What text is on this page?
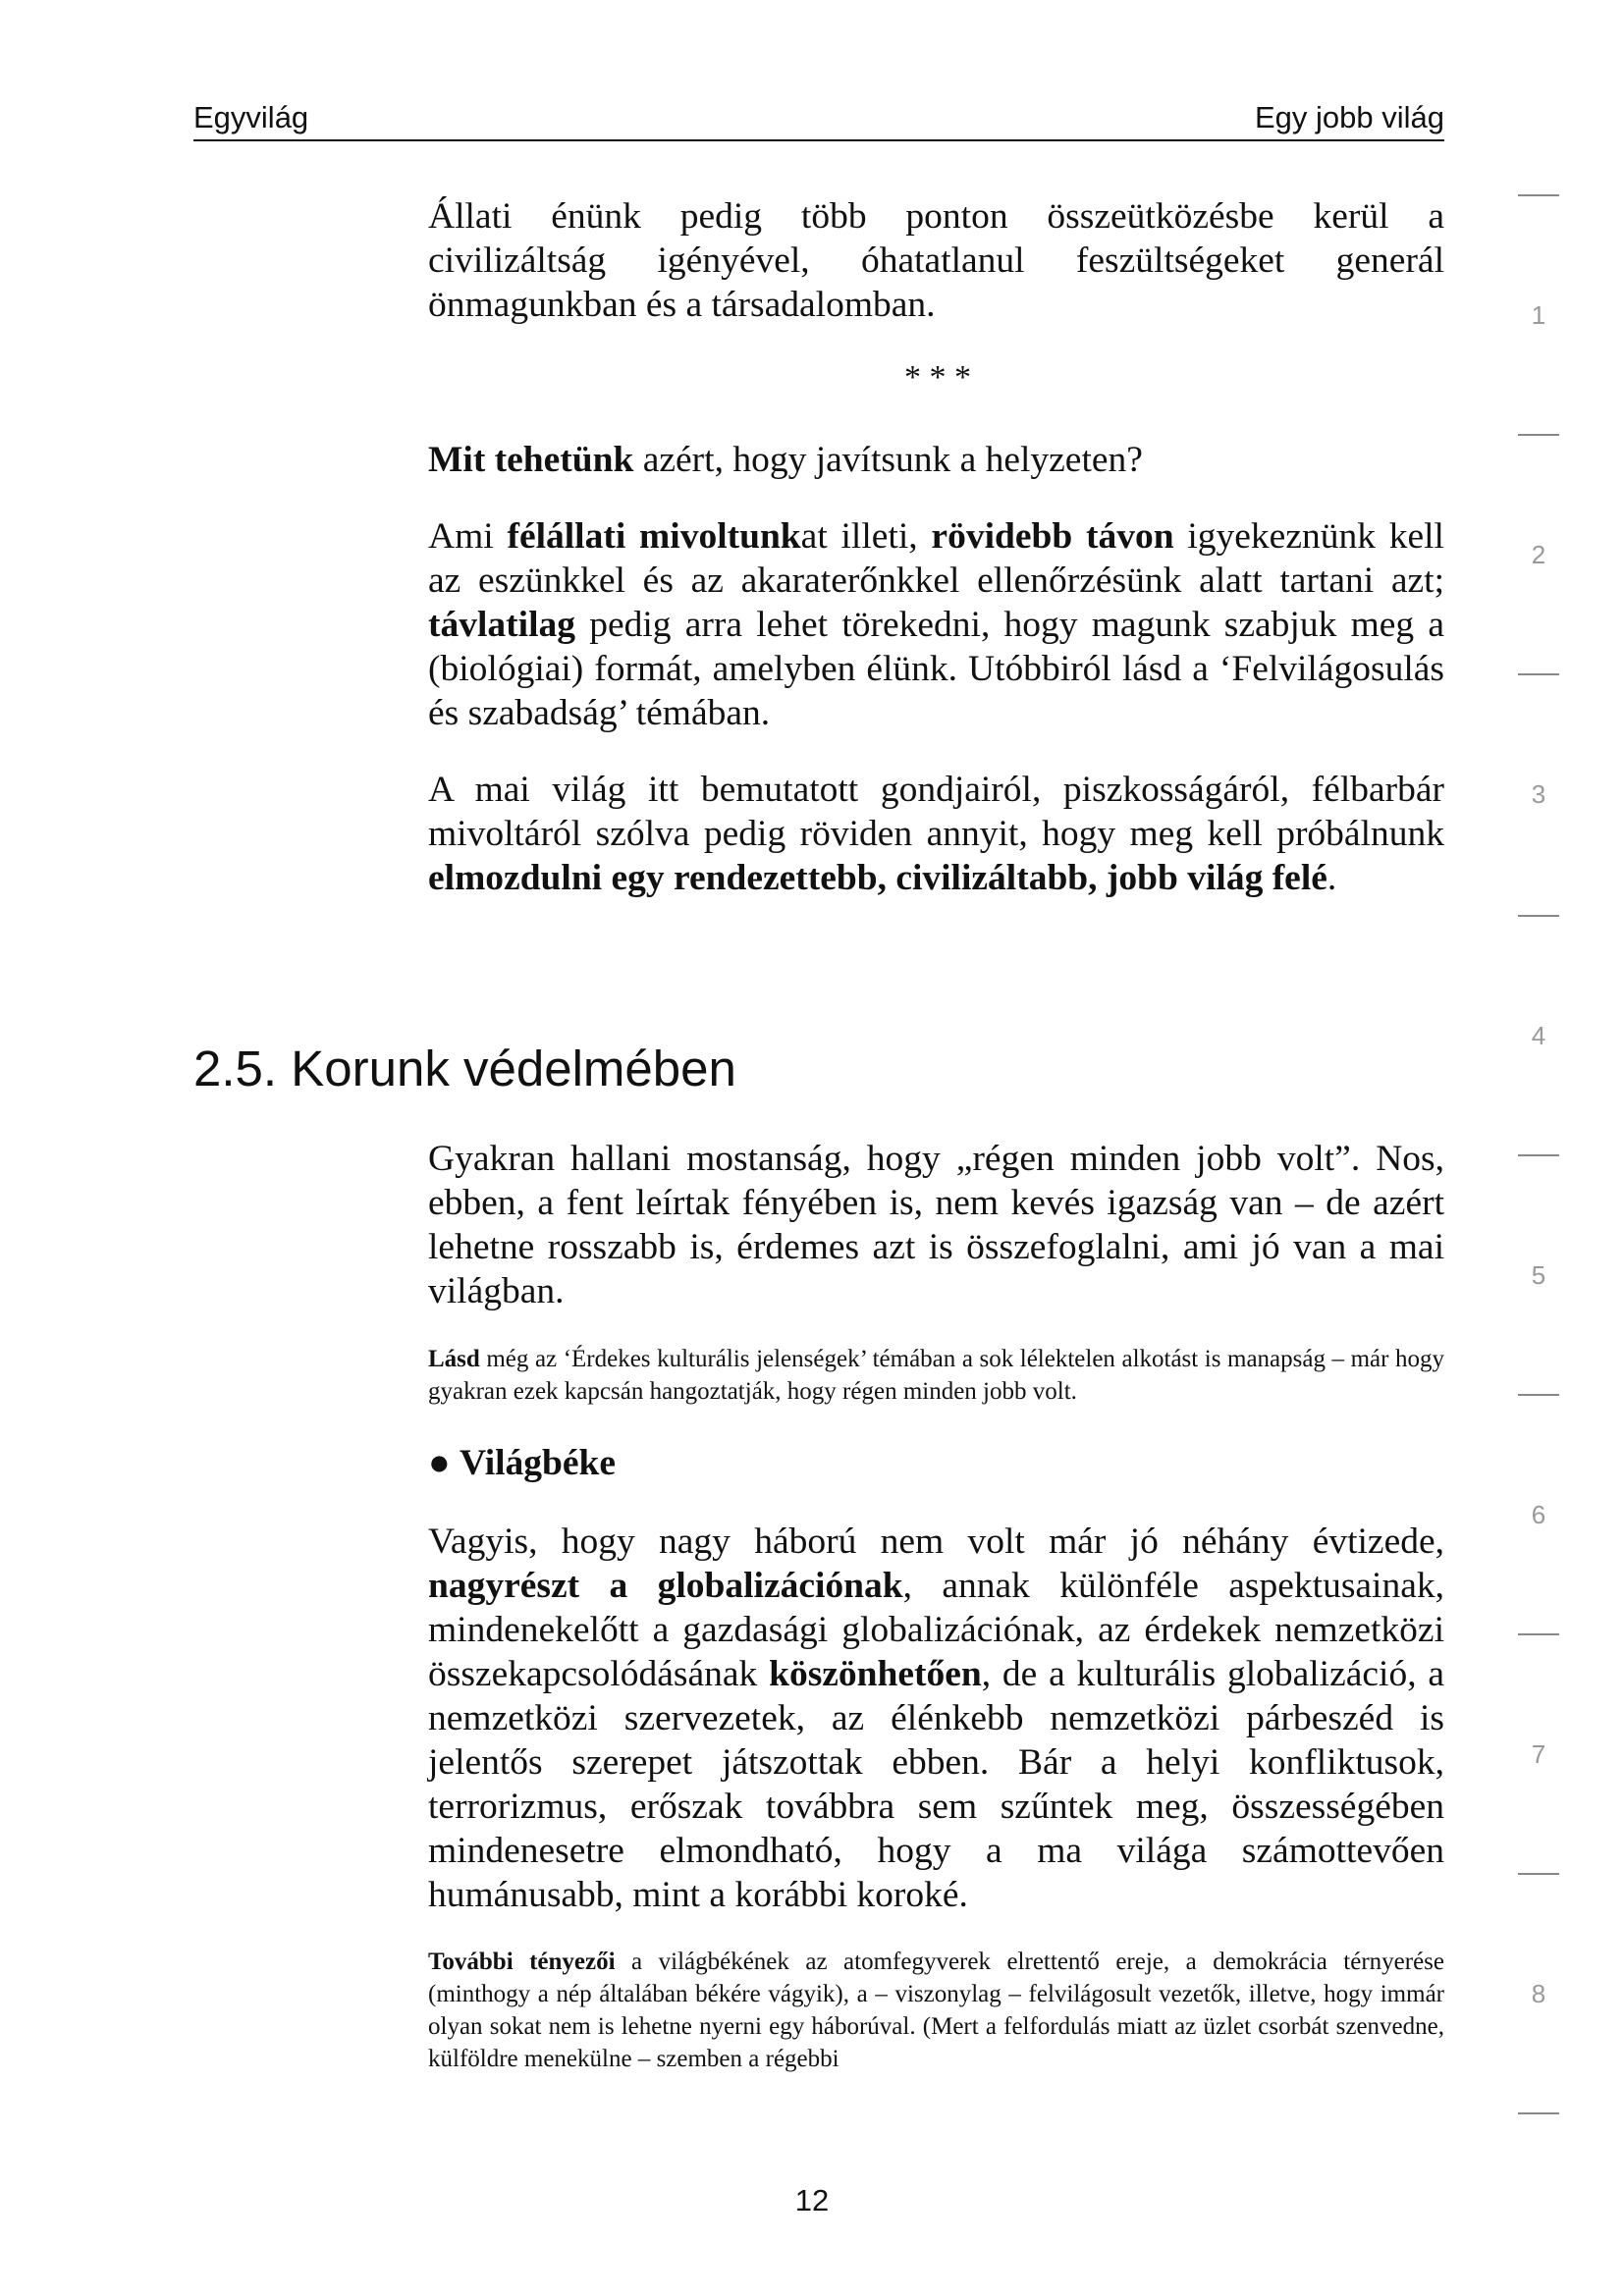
Egyvilág	Egy jobb világ

Állati énünk pedig több ponton összeütközésbe kerül a

civilizáltság igényével, óhatatlanul feszültségeket generál

önmagunkban és a társadalomban.

* * *

Mit tehetünk azért, hogy javítsunk a helyzeten?

Ami félállati mivoltunkat illeti, rövidebb távon igyekeznünk kell az eszünkkel és az akaraterőnkkel ellenőrzésünk alatt tartani azt; távlatilag pedig arra lehet törekedni, hogy magunk szabjuk meg a (biológiai) formát, amelyben élünk. Utóbbiról lásd a ‘Felvilágosulás és szabadság’ témában.

A mai világ itt bemutatott gondjairól, piszkosságáról, félbarbár mivoltáról szólva pedig röviden annyit, hogy meg kell próbálnunk elmozdulni egy rendezettebb, civilizáltabb, jobb világ felé.

2.5. Korunk védelmében

Gyakran hallani mostanság, hogy „régen minden jobb volt”. Nos, ebben, a fent leírtak fényében is, nem kevés igazság van – de azért lehetne rosszabb is, érdemes azt is összefoglalni, ami jó van a mai világban.

Lásd még az ‘Érdekes kulturális jelenségek’ témában a sok lélektelen alkotást is manapság – már hogy gyakran ezek kapcsán hangoztatják, hogy régen minden jobb volt.

● Világbéke

Vagyis, hogy nagy háború nem volt már jó néhány évtizede, nagyrészt a globalizációnak, annak különféle aspektusainak, mindenekelőtt a gazdasági globalizációnak, az érdekek nemzetközi összekapcsolódásának köszönhetően, de a kulturális globalizáció, a nemzetközi szervezetek, az élénkebb nemzetközi párbeszéd is jelentős szerepet játszottak ebben. Bár a helyi konfliktusok, terrorizmus, erőszak továbbra sem szűntek meg, összességében mindenesetre elmondható, hogy a ma világa számottevően humánusabb, mint a korábbi koroké.

További tényezői a világbékének az atomfegyverek elrettentő ereje, a demokrácia térnyerése (minthogy a nép általában békére vágyik), a – viszonylag – felvilágosult vezetők, illetve, hogy immár olyan sokat nem is lehetne nyerni egy háborúval. (Mert a felfordulás miatt az üzlet csorbát szenvedne, külföldre menekülne – szemben a régebbi

1
2
3
4
5
6
7
8
12
